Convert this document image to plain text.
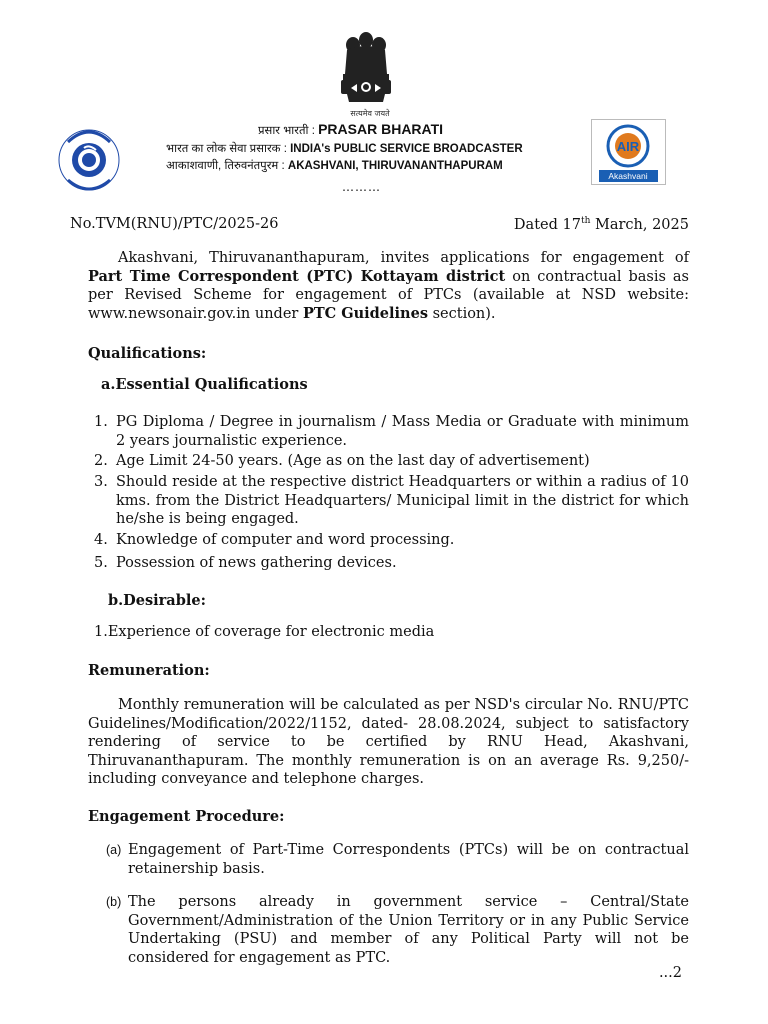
सत्यमेव जयते
AIR
Akashvani
प्रसार भारती : PRASAR BHARATI
भारत का लोक सेवा प्रसारक : INDIA's PUBLIC SERVICE BROADCASTER
आकाशवाणी, तिरुवनंतपुरम : AKASHVANI, THIRUVANANTHAPURAM
………
No.TVM(RNU)/PTC/2025-26	Dated 17th March, 2025

Akashvani, Thiruvananthapuram, invites applications for engagement of Part Time Correspondent (PTC) Kottayam district on contractual basis as per Revised Scheme for engagement of PTCs (available at NSD website: www.newsonair.gov.in under PTC Guidelines section).

Qualifications:
a.Essential Qualifications
1. PG Diploma / Degree in journalism / Mass Media or Graduate with minimum 2 years journalistic experience.
2. Age Limit 24-50 years. (Age as on the last day of advertisement)
3. Should reside at the respective district Headquarters or within a radius of 10 kms. from the District Headquarters/ Municipal limit in the district for which he/she is being engaged.
4. Knowledge of computer and word processing.
5. Possession of news gathering devices.
b.Desirable:
1.Experience of coverage for electronic media
Remuneration:

Monthly remuneration will be calculated as per NSD's circular No. RNU/PTC Guidelines/Modification/2022/1152, dated- 28.08.2024, subject to satisfactory rendering of service to be certified by RNU Head, Akashvani, Thiruvananthapuram. The monthly remuneration is on an average Rs. 9,250/- including conveyance and telephone charges.

Engagement Procedure:
(a) Engagement of Part-Time Correspondents (PTCs) will be on contractual retainership basis.
(b) The persons already in government service – Central/State Government/Administration of the Union Territory or in any Public Service Undertaking (PSU) and member of any Political Party will not be considered for engagement as PTC.
...2
